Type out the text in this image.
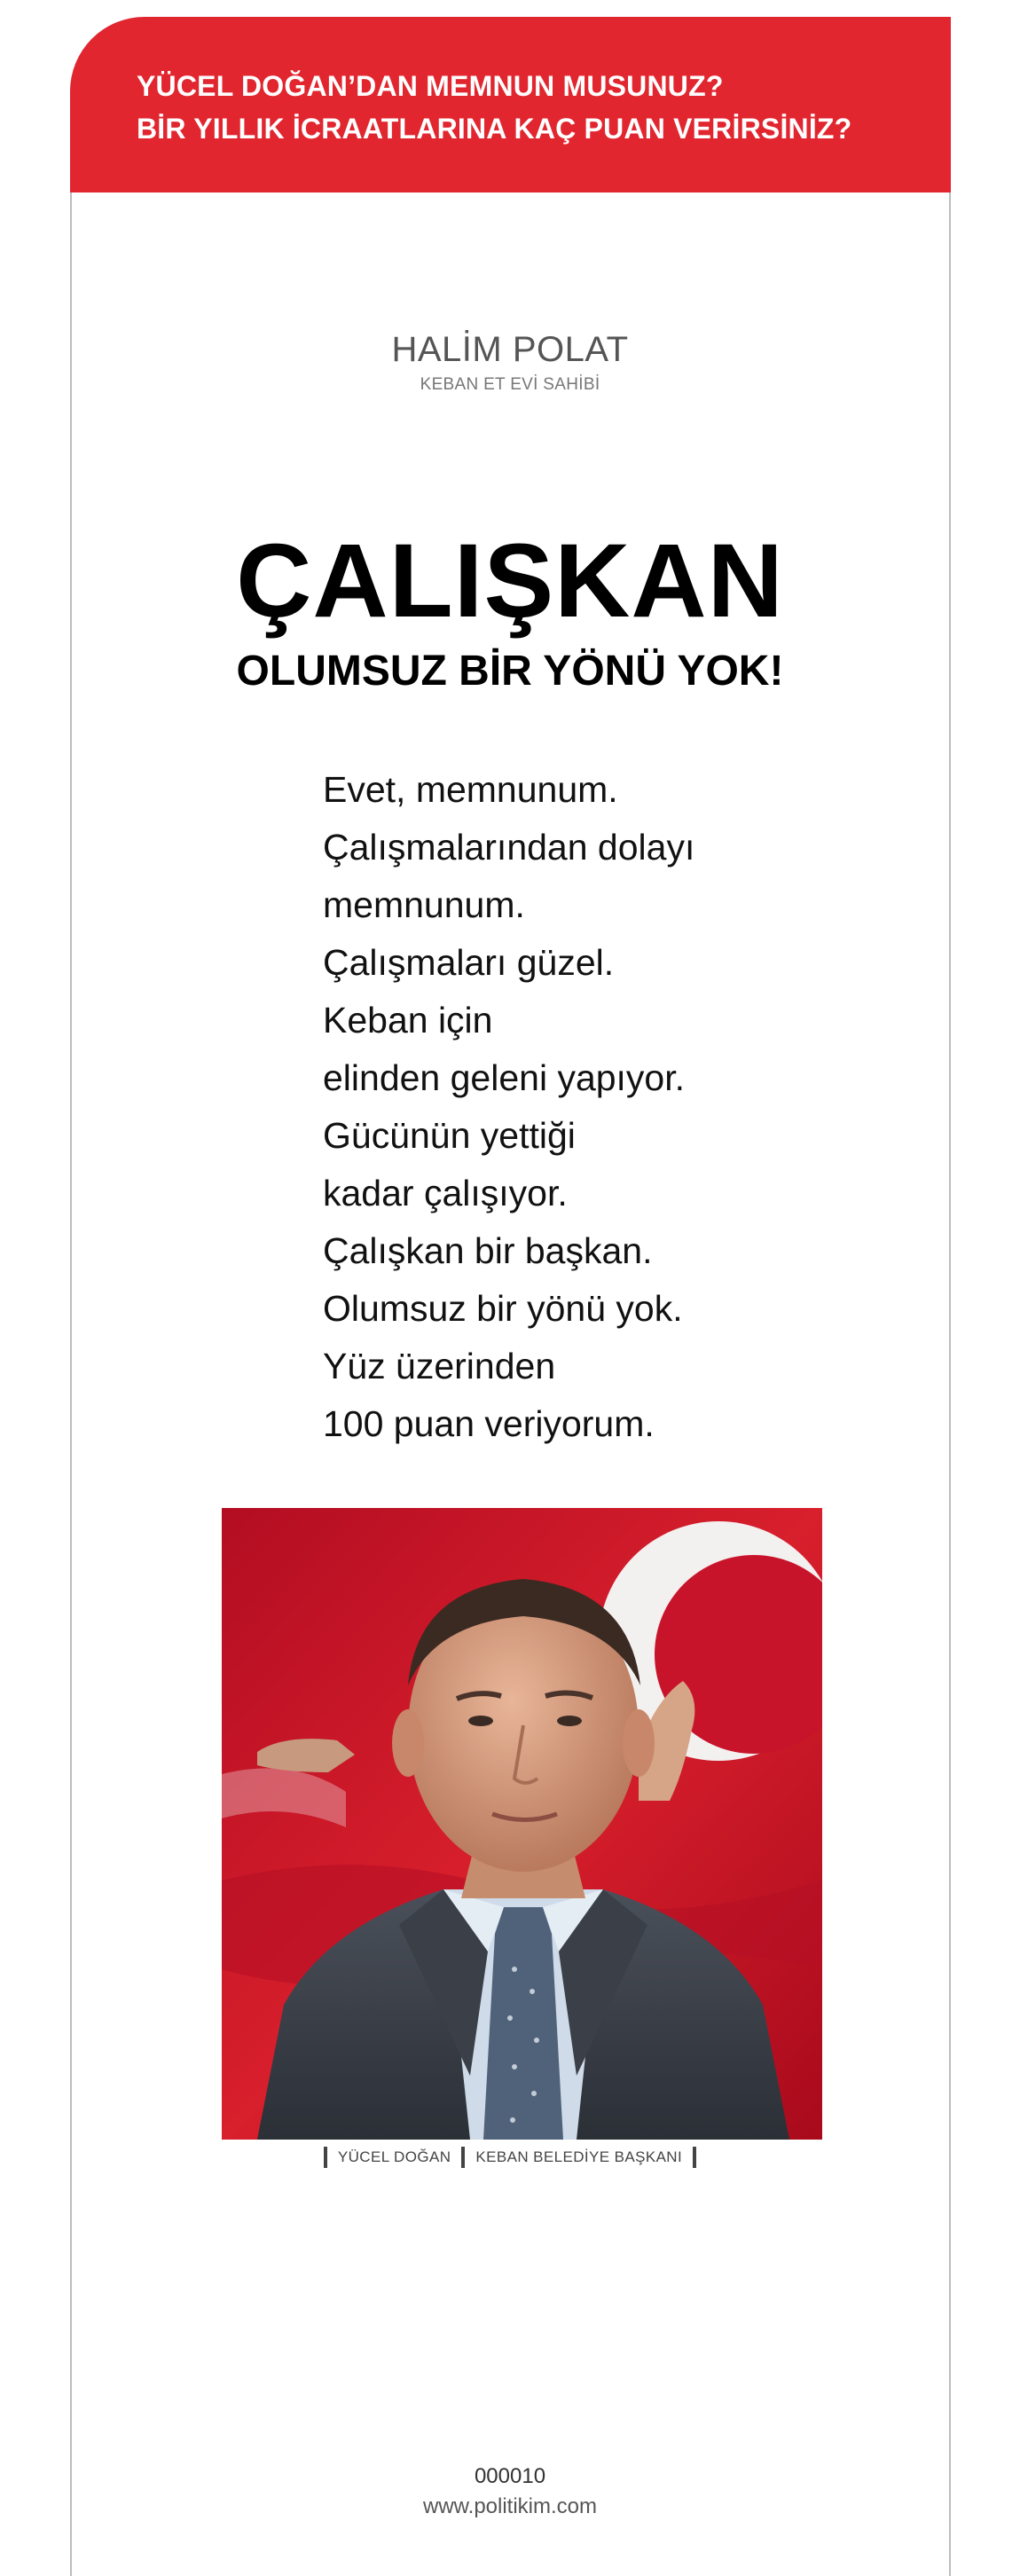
YÜCEL DOĞAN’DAN MEMNUN MUSUNUZ?
BİR YILLIK İCRAATLARINA KAÇ PUAN VERİRSİNİZ?
HALİM POLAT
KEBAN ET EVİ SAHİBİ
ÇALIŞKAN
OLUMSUZ BİR YÖNÜ YOK!
Evet, memnunum.
Çalışmalarından dolayı
memnunum.
Çalışmaları güzel.
Keban için
elinden geleni yapıyor.
Gücünün yettiği
kadar çalışıyor.
Çalışkan bir başkan.
Olumsuz bir yönü yok.
Yüz üzerinden
100 puan veriyorum.
YÜCEL DOĞAN KEBAN BELEDİYE BAŞKANI
000010
www.politikim.com
